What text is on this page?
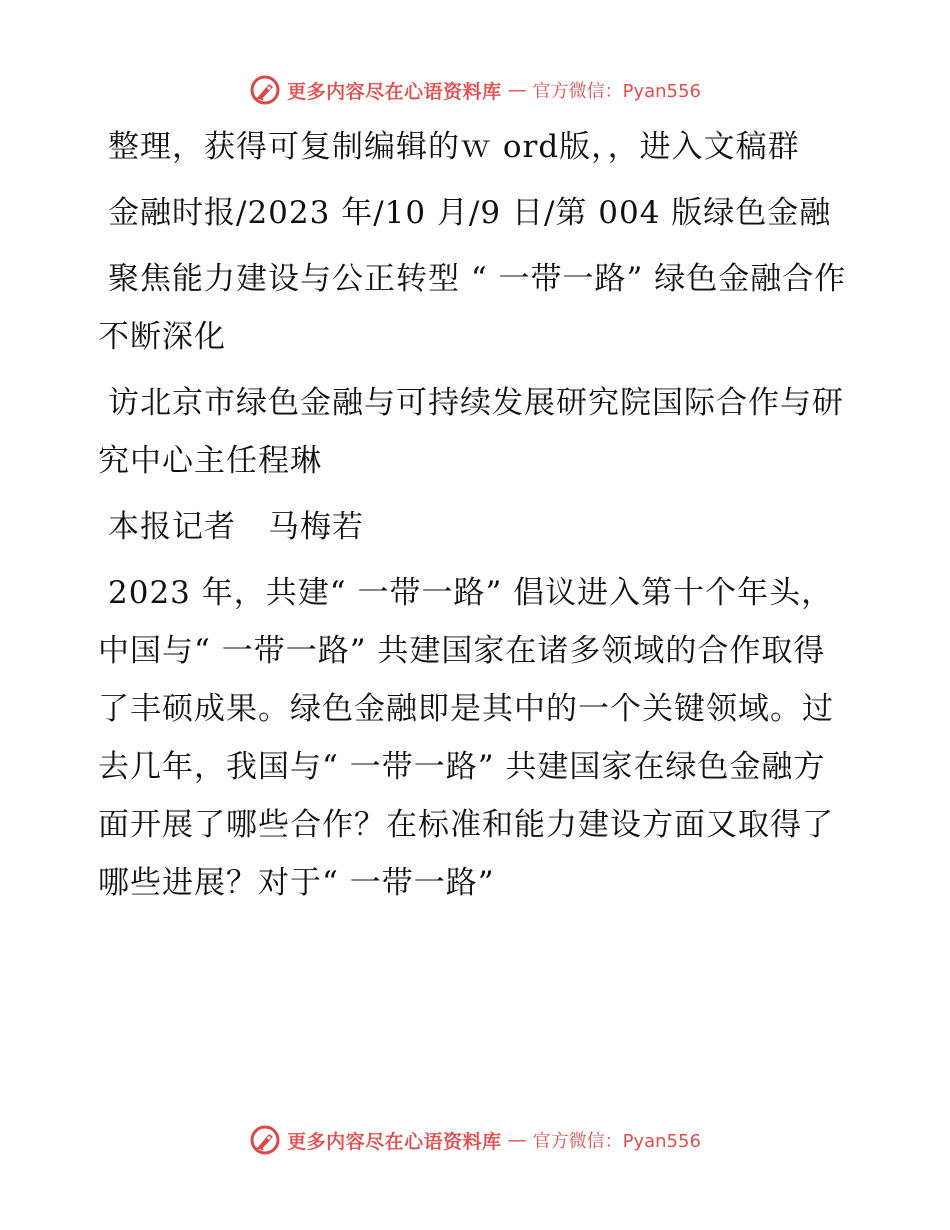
更多内容尽在心语资料库 — 官方微信：Pyan556

整理，获得可复制编辑的ｗ ord版，，进入文稿群

金融时报/2023 年/10 月/9 日/第 004 版绿色金融

聚焦能力建设与公正转型 “ 一带一路” 绿色金融合作不断深化

访北京市绿色金融与可持续发展研究院国际合作与研究中心主任程琳

本报记者　马梅若

2023 年，共建“ 一带一路” 倡议进入第十个年头，中国与“ 一带一路” 共建国家在诸多领域的合作取得了丰硕成果。绿色金融即是其中的一个关键领域。过去几年，我国与“ 一带一路” 共建国家在绿色金融方面开展了哪些合作？在标准和能力建设方面又取得了哪些进展？对于“ 一带一路”

更多内容尽在心语资料库 — 官方微信：Pyan556
